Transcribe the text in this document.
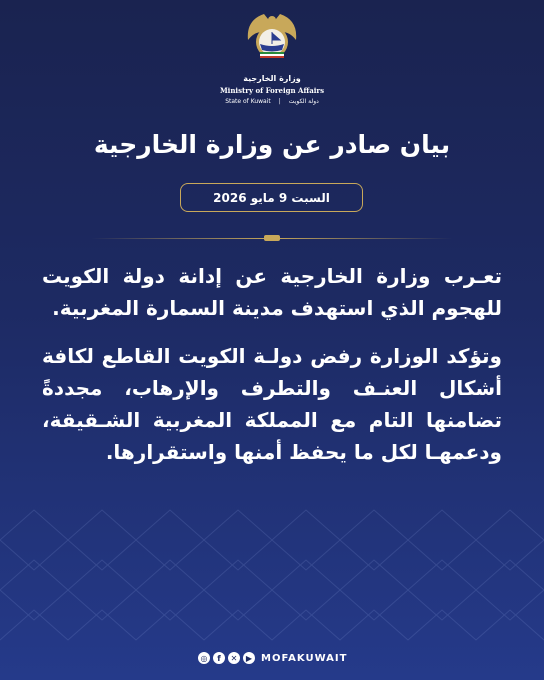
وزارة الخارجية
Ministry of Foreign Affairs
State of Kuwait | دولة الكويت
بيان صادر عن وزارة الخارجية
السبت 9 مايو 2026
تعـرب وزارة الخارجية عن إدانة دولة الكويت للهجوم الذي استهدف مدينة السمارة المغربية.
وتؤكد الوزارة رفض دولـة الكويت القاطع لكافة أشكال العنـف والتطرف والإرهاب، مجددةً تضامنها التام مع المملكة المغربية الشـقيقة، ودعمهـا لكل ما يحفظ أمنها واستقرارها.
◎	f	✕	▶ MOFAKUWAIT
